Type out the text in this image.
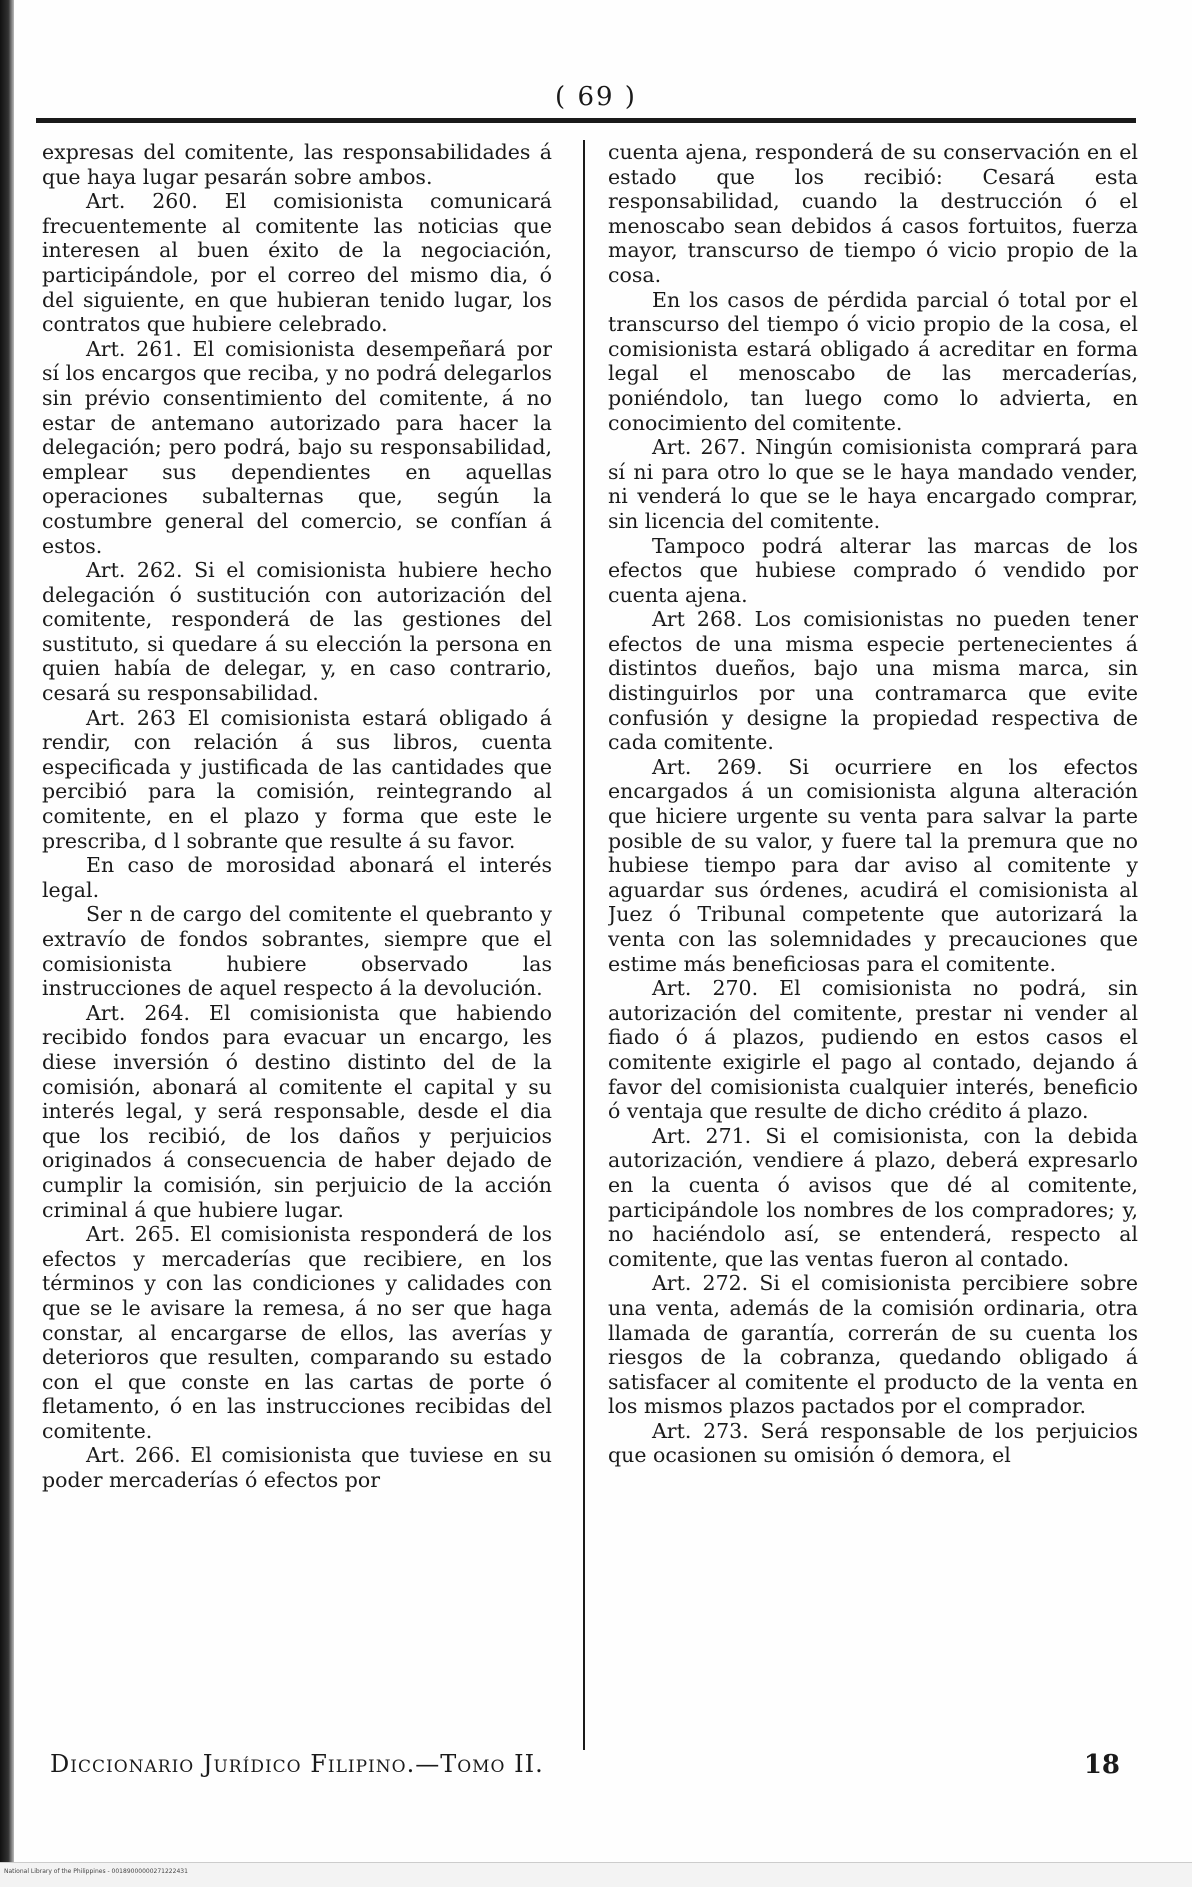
( 69 )

expresas del comitente, las responsabilidades á que haya lugar pesarán sobre ambos.

Art. 260. El comisionista comunicará frecuentemente al comitente las noticias que interesen al buen éxito de la negociación, participándole, por el correo del mismo dia, ó del siguiente, en que hubieran tenido lugar, los contratos que hubiere celebrado.

Art. 261. El comisionista desempeñará por sí los encargos que reciba, y no podrá delegarlos sin prévio consentimiento del comitente, á no estar de antemano autorizado para hacer la delegación; pero podrá, bajo su responsabilidad, emplear sus dependientes en aquellas operaciones subalternas que, según la costumbre general del comercio, se confían á estos.

Art. 262. Si el comisionista hubiere hecho delegación ó sustitución con autorización del comitente, responderá de las gestiones del sustituto, si quedare á su elección la persona en quien había de delegar, y, en caso contrario, cesará su responsabilidad.

Art. 263 El comisionista estará obligado á rendir, con relación á sus libros, cuenta especificada y justificada de las cantidades que percibió para la comisión, reintegrando al comitente, en el plazo y forma que este le prescriba, d l sobrante que resulte á su favor.

En caso de morosidad abonará el interés legal.

Ser n de cargo del comitente el quebranto y extravío de fondos sobrantes, siempre que el comisionista hubiere observado las instrucciones de aquel respecto á la devolución.

Art. 264. El comisionista que habiendo recibido fondos para evacuar un encargo, les diese inversión ó destino distinto del de la comisión, abonará al comitente el capital y su interés legal, y será responsable, desde el dia que los recibió, de los daños y perjuicios originados á consecuencia de haber dejado de cumplir la comisión, sin perjuicio de la acción criminal á que hubiere lugar.

Art. 265. El comisionista responderá de los efectos y mercaderías que recibiere, en los términos y con las condiciones y calidades con que se le avisare la remesa, á no ser que haga constar, al encargarse de ellos, las averías y deterioros que resulten, comparando su estado con el que conste en las cartas de porte ó fletamento, ó en las instrucciones recibidas del comitente.

Art. 266. El comisionista que tuviese en su poder mercaderías ó efectos por

cuenta ajena, responderá de su conservación en el estado que los recibió: Cesará esta responsabilidad, cuando la destrucción ó el menoscabo sean debidos á casos fortuitos, fuerza mayor, transcurso de tiempo ó vicio propio de la cosa.

En los casos de pérdida parcial ó total por el transcurso del tiempo ó vicio propio de la cosa, el comisionista estará obligado á acreditar en forma legal el menoscabo de las mercaderías, poniéndolo, tan luego como lo advierta, en conocimiento del comitente.

Art. 267. Ningún comisionista comprará para sí ni para otro lo que se le haya mandado vender, ni venderá lo que se le haya encargado comprar, sin licencia del comitente.

Tampoco podrá alterar las marcas de los efectos que hubiese comprado ó vendido por cuenta ajena.

Art 268. Los comisionistas no pueden tener efectos de una misma especie pertenecientes á distintos dueños, bajo una misma marca, sin distinguirlos por una contramarca que evite confusión y designe la propiedad respectiva de cada comitente.

Art. 269. Si ocurriere en los efectos encargados á un comisionista alguna alteración que hiciere urgente su venta para salvar la parte posible de su valor, y fuere tal la premura que no hubiese tiempo para dar aviso al comitente y aguardar sus órdenes, acudirá el comisionista al Juez ó Tribunal competente que autorizará la venta con las solemnidades y precauciones que estime más beneficiosas para el comitente.

Art. 270. El comisionista no podrá, sin autorización del comitente, prestar ni vender al fiado ó á plazos, pudiendo en estos casos el comitente exigirle el pago al contado, dejando á favor del comisionista cualquier interés, beneficio ó ventaja que resulte de dicho crédito á plazo.

Art. 271. Si el comisionista, con la debida autorización, vendiere á plazo, deberá expresarlo en la cuenta ó avisos que dé al comitente, participándole los nombres de los compradores; y, no haciéndolo así, se entenderá, respecto al comitente, que las ventas fueron al contado.

Art. 272. Si el comisionista percibiere sobre una venta, además de la comisión ordinaria, otra llamada de garantía, correrán de su cuenta los riesgos de la cobranza, quedando obligado á satisfacer al comitente el producto de la venta en los mismos plazos pactados por el comprador.

Art. 273. Será responsable de los perjuicios que ocasionen su omisión ó demora, el

Diccionario Jurídico Filipino.—Tomo II.	18
National Library of the Philippines - 00189000000271222431
